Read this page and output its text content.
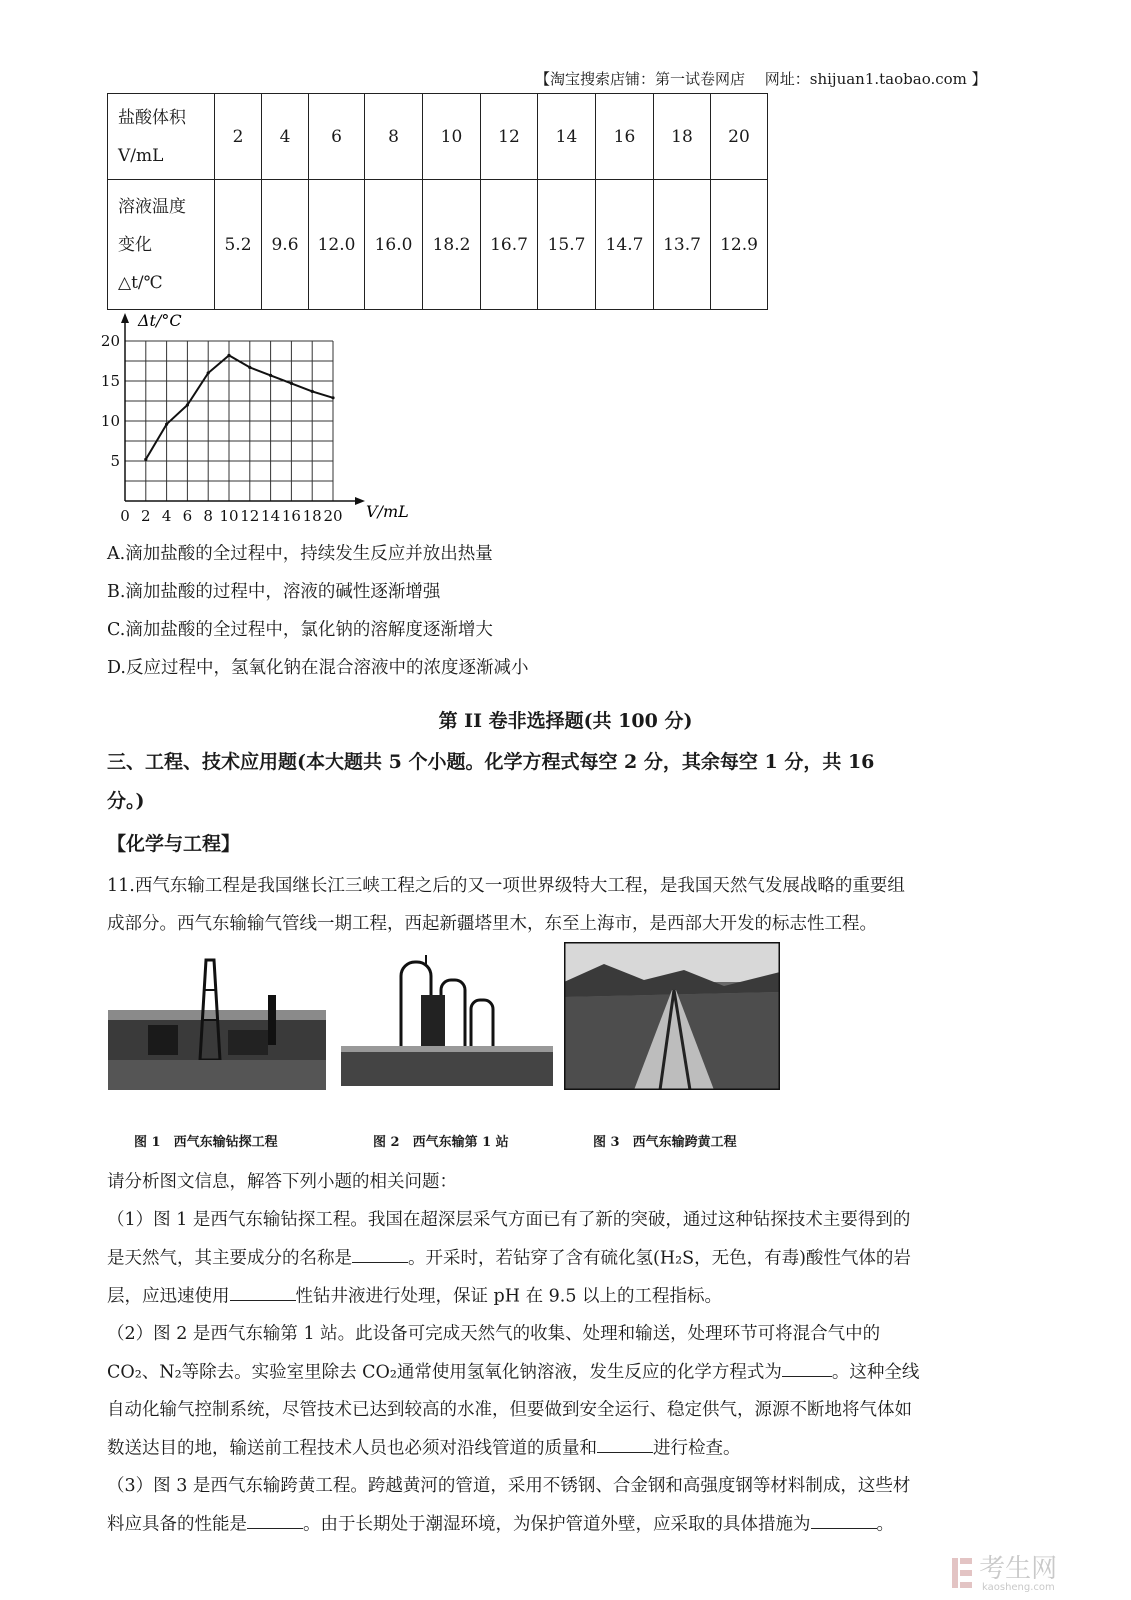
【淘宝搜索店铺：第一试卷网店　 网址：shijuan1.taobao.com 】
盐酸体积
V/mL	2	4	6	8	10	12	14	16	18	20

溶液温度
变化
△t/℃	5.2	9.6	12.0	16.0	18.2	16.7	15.7	14.7	13.7	12.9
0 2 4 6 8 10 12 14 16 18 20
5
10
15
20
Δt/°C
V/mL
A.滴加盐酸的全过程中，持续发生反应并放出热量
B.滴加盐酸的过程中，溶液的碱性逐渐增强
C.滴加盐酸的全过程中，氯化钠的溶解度逐渐增大
D.反应过程中，氢氧化钠在混合溶液中的浓度逐渐减小
第 II 卷非选择题(共 100 分)
三、工程、技术应用题(本大题共 5 个小题。化学方程式每空 2 分，其余每空 1 分，共 16
分。)
【化学与工程】
11.西气东输工程是我国继长江三峡工程之后的又一项世界级特大工程，是我国天然气发展战略的重要组
成部分。西气东输输气管线一期工程，西起新疆塔里木，东至上海市，是西部大开发的标志性工程。
图 1　西气东输钻探工程	图 2　西气东输第 1 站	图 3　西气东输跨黄工程
请分析图文信息，解答下列小题的相关问题：
（1）图 1 是西气东输钻探工程。我国在超深层采气方面已有了新的突破，通过这种钻探技术主要得到的
是天然气，其主要成分的名称是	。开采时，若钻穿了含有硫化氢(H₂S，无色，有毒)酸性气体的岩
层，应迅速使用	性钻井液进行处理，保证 pH 在 9.5 以上的工程指标。
（2）图 2 是西气东输第 1 站。此设备可完成天然气的收集、处理和输送，处理环节可将混合气中的
CO₂、N₂等除去。实验室里除去 CO₂通常使用氢氧化钠溶液，发生反应的化学方程式为	。这种全线
自动化输气控制系统，尽管技术已达到较高的水准，但要做到安全运行、稳定供气，源源不断地将气体如
数送达目的地，输送前工程技术人员也必须对沿线管道的质量和	进行检查。
（3）图 3 是西气东输跨黄工程。跨越黄河的管道，采用不锈钢、合金钢和高强度钢等材料制成，这些材
料应具备的性能是	。由于长期处于潮湿环境，为保护管道外壁，应采取的具体措施为	。
考生网
kaosheng.com
